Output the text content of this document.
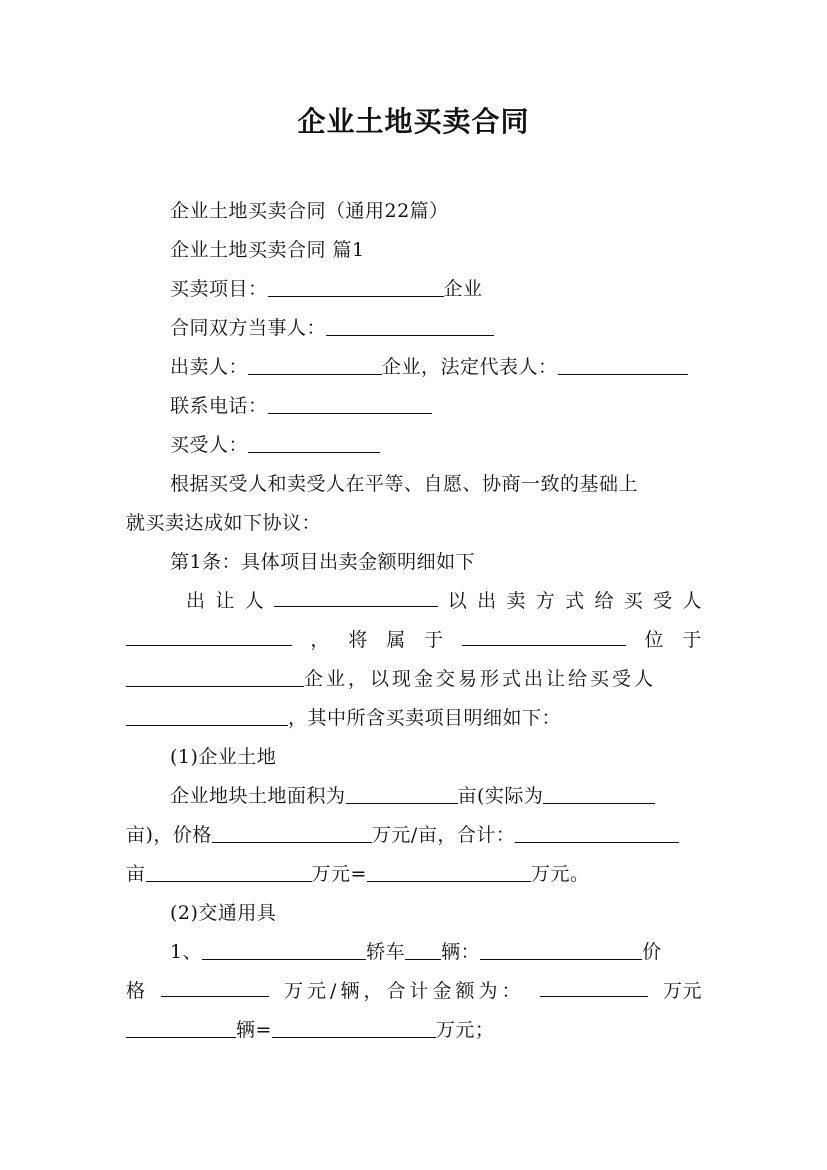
企业土地买卖合同
企业土地买卖合同（通用22篇）
企业土地买卖合同 篇1
买卖项目：	企业
合同双方当事人：
出卖人：	企业，法定代表人：
联系电话：
买受人：
根据买受人和卖受人在平等、自愿、协商一致的基础上
就买卖达成如下协议：
第1条：具体项目出卖金额明细如下
出 让 人	以 出 卖 方 式 给 买 受 人
， 将 属 于	位 于
企业，以现金交易形式出让给买受人
，其中所含买卖项目明细如下：
(1)企业土地
企业地块土地面积为	亩(实际为
亩)，价格	万元/亩，合计：
亩	万元=	万元。
(2)交通用具
1、	轿车 辆：	价
格	万元/辆，合计金额为：	万元
辆=	万元；
